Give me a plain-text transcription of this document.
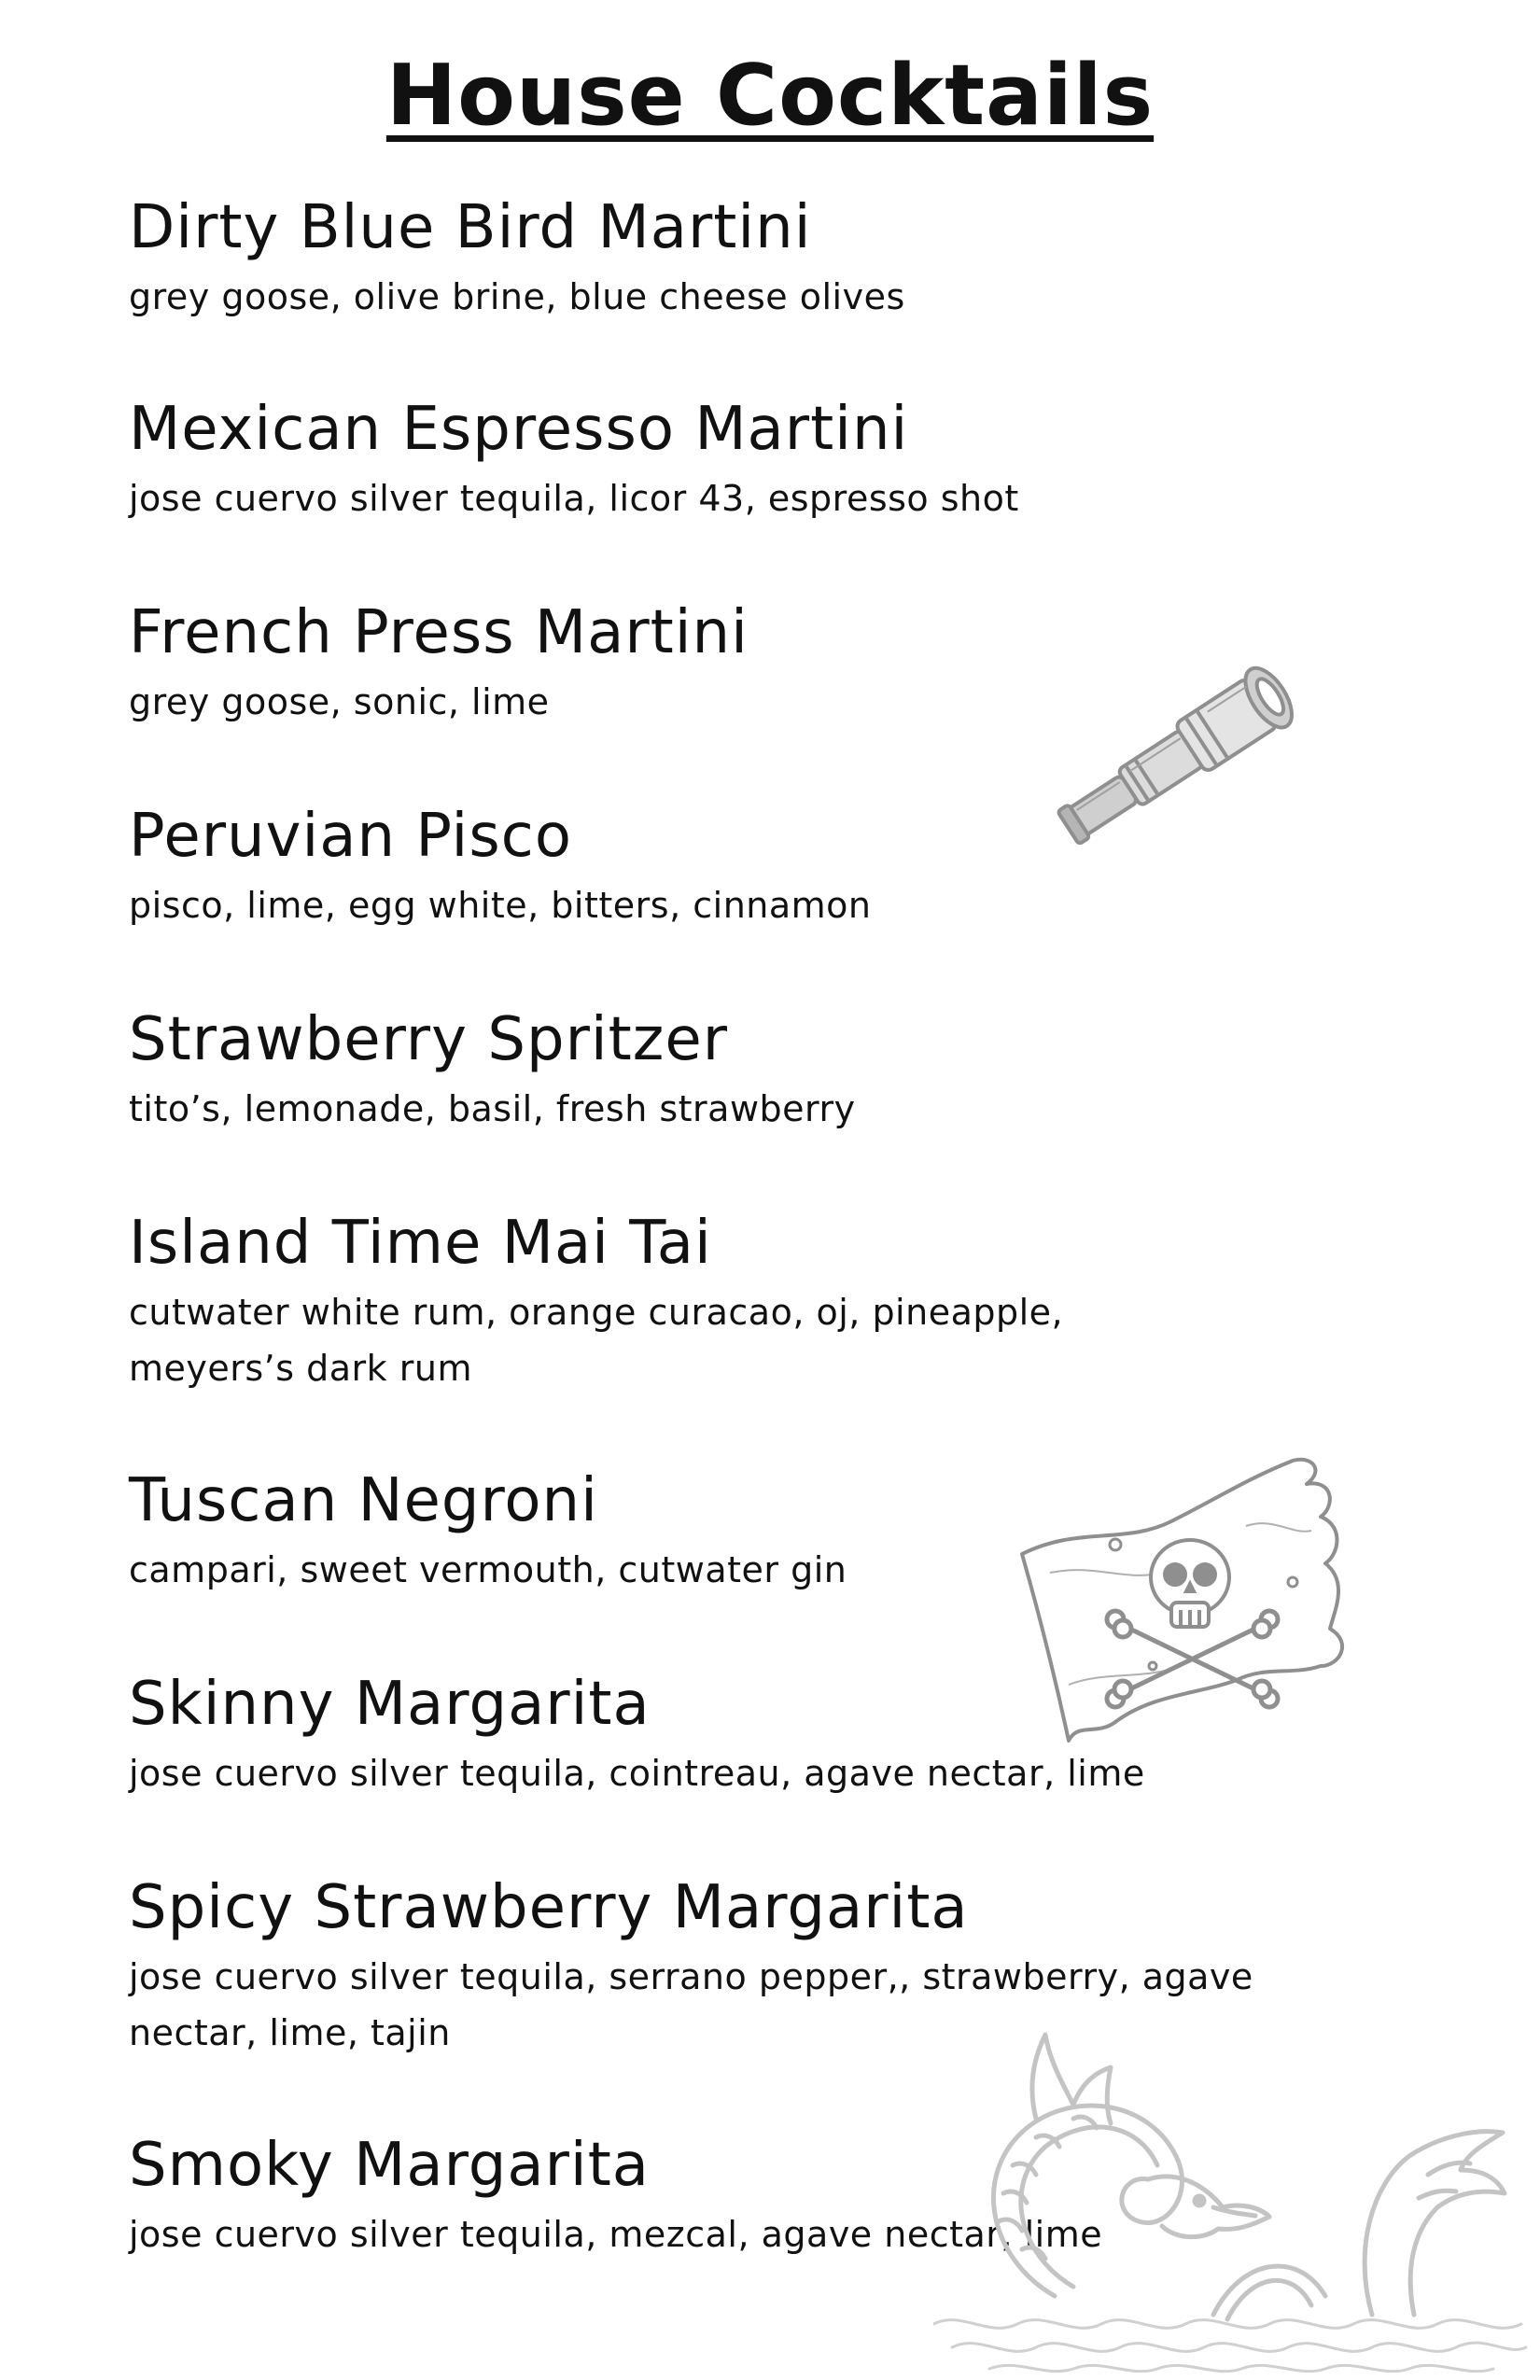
House Cocktails
Dirty Blue Bird Martini
grey goose, olive brine, blue cheese olives
Mexican Espresso Martini
jose cuervo silver tequila, licor 43, espresso shot
French Press Martini
grey goose, sonic, lime
Peruvian Pisco
pisco, lime, egg white, bitters, cinnamon
Strawberry Spritzer
tito’s, lemonade, basil, fresh strawberry
Island Time Mai Tai
cutwater white rum, orange curacao, oj, pineapple, meyers’s dark rum
Tuscan Negroni
campari, sweet vermouth, cutwater gin
Skinny Margarita
jose cuervo silver tequila, cointreau, agave nectar, lime
Spicy Strawberry Margarita
jose cuervo silver tequila, serrano pepper,, strawberry, agave nectar, lime, tajin
Smoky Margarita
jose cuervo silver tequila, mezcal, agave nectar, lime
